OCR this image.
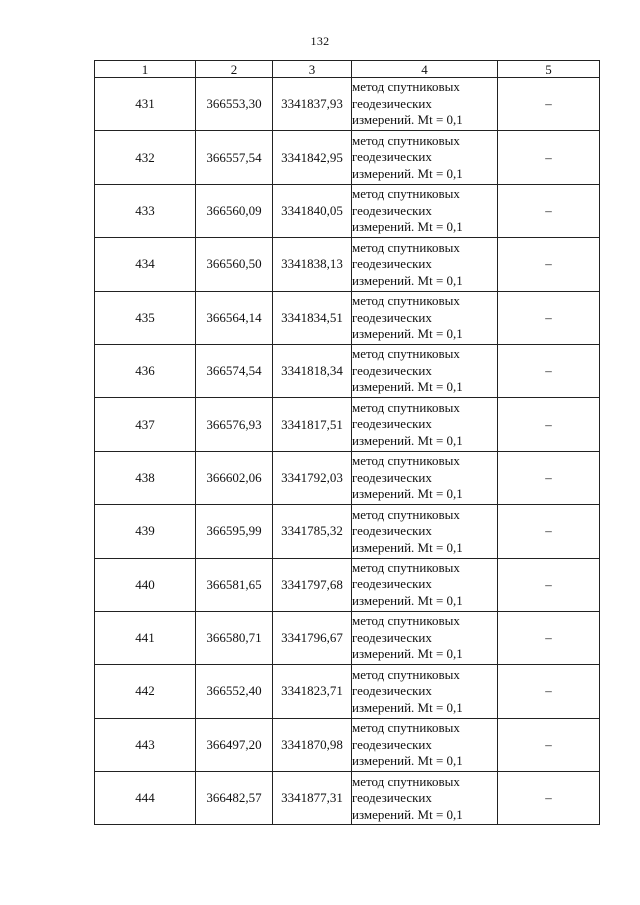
132
1	2	3	4	5
431	366553,30	3341837,93	метод спутниковых
геодезических
измерений. Mt = 0,1	–
432	366557,54	3341842,95	метод спутниковых
геодезических
измерений. Mt = 0,1	–
433	366560,09	3341840,05	метод спутниковых
геодезических
измерений. Mt = 0,1	–
434	366560,50	3341838,13	метод спутниковых
геодезических
измерений. Mt = 0,1	–
435	366564,14	3341834,51	метод спутниковых
геодезических
измерений. Mt = 0,1	–
436	366574,54	3341818,34	метод спутниковых
геодезических
измерений. Mt = 0,1	–
437	366576,93	3341817,51	метод спутниковых
геодезических
измерений. Mt = 0,1	–
438	366602,06	3341792,03	метод спутниковых
геодезических
измерений. Mt = 0,1	–
439	366595,99	3341785,32	метод спутниковых
геодезических
измерений. Mt = 0,1	–
440	366581,65	3341797,68	метод спутниковых
геодезических
измерений. Mt = 0,1	–
441	366580,71	3341796,67	метод спутниковых
геодезических
измерений. Mt = 0,1	–
442	366552,40	3341823,71	метод спутниковых
геодезических
измерений. Mt = 0,1	–
443	366497,20	3341870,98	метод спутниковых
геодезических
измерений. Mt = 0,1	–
444	366482,57	3341877,31	метод спутниковых
геодезических
измерений. Mt = 0,1	–
